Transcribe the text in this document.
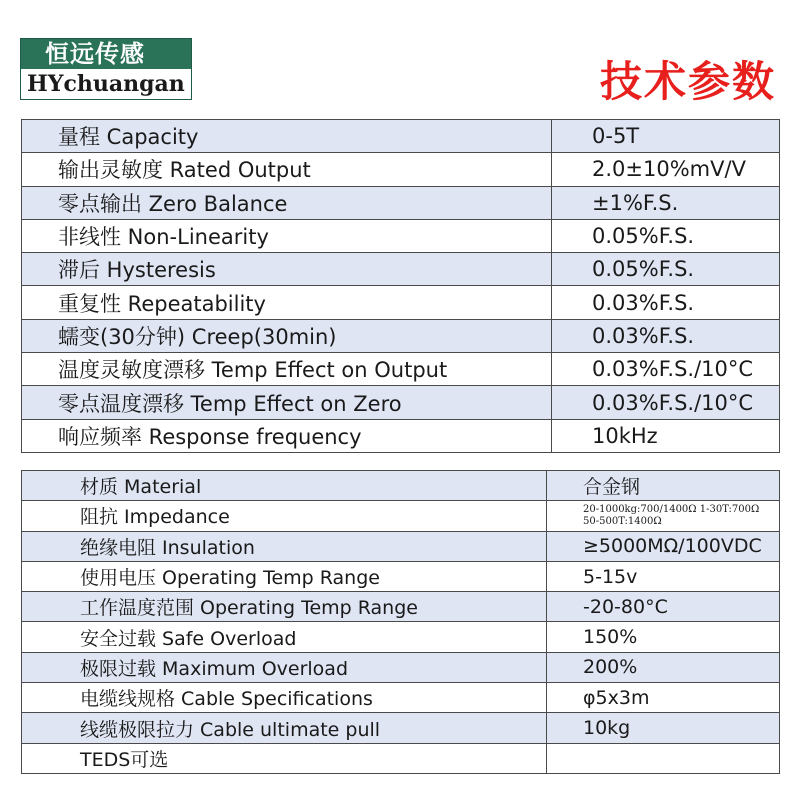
恒远传感
HYchuangan	技术参数
量程 Capacity	0-5T
输出灵敏度 Rated Output	2.0±10%mV/V
零点输出 Zero Balance	±1%F.S.
非线性 Non-Linearity	0.05%F.S.
滞后 Hysteresis	0.05%F.S.
重复性 Repeatability	0.03%F.S.
蠕变(30分钟) Creep(30min)	0.03%F.S.
温度灵敏度漂移 Temp Effect on Output	0.03%F.S./10°C
零点温度漂移 Temp Effect on Zero	0.03%F.S./10°C
响应频率 Response frequency	10kHz
材质 Material	合金钢
阻抗 Impedance	20-1000kg:700/1400Ω 1-30T:700Ω
50-500T:1400Ω

绝缘电阻 Insulation	≥5000MΩ/100VDC
使用电压 Operating Temp Range	5-15v
工作温度范围 Operating Temp Range	-20-80°C
安全过载 Safe Overload	150%
极限过载 Maximum Overload	200%
电缆线规格 Cable Specifications	φ5x3m
线缆极限拉力 Cable ultimate pull	10kg
TEDS可选	
